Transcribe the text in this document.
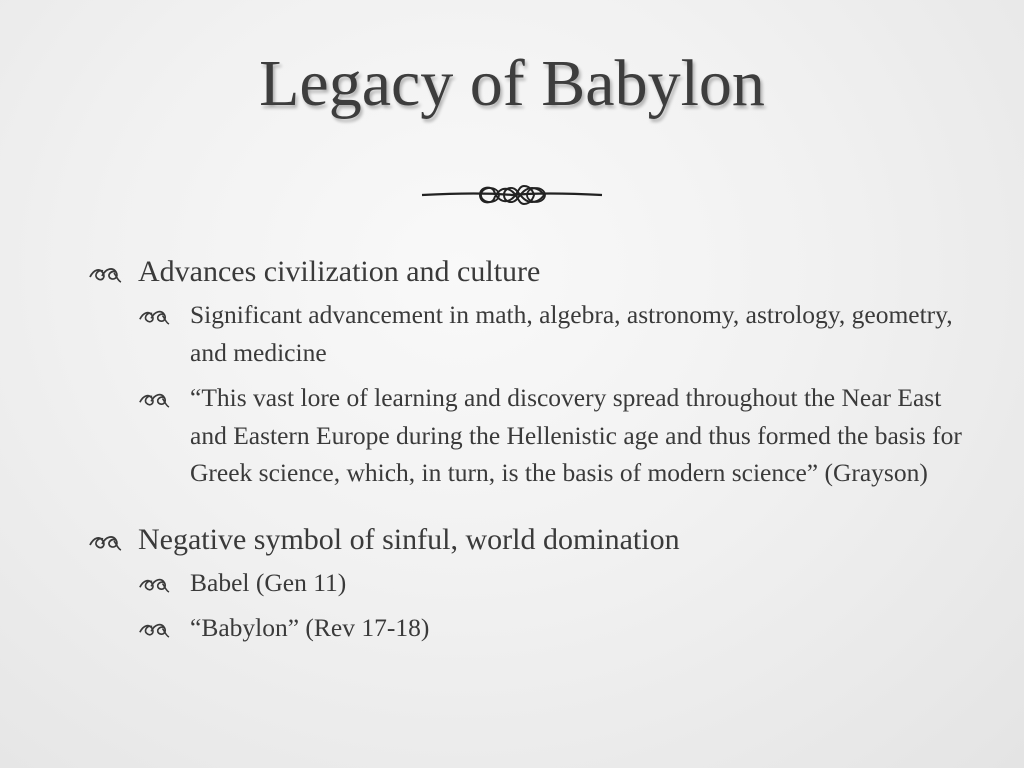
Legacy of Babylon
Advances civilization and culture
Significant advancement in math, algebra, astronomy, astrology, geometry, and medicine
“This vast lore of learning and discovery spread throughout the Near East and Eastern Europe during the Hellenistic age and thus formed the basis for Greek science, which, in turn, is the basis of modern science” (Grayson)
Negative symbol of sinful, world domination
Babel (Gen 11)
“Babylon” (Rev 17-18)
